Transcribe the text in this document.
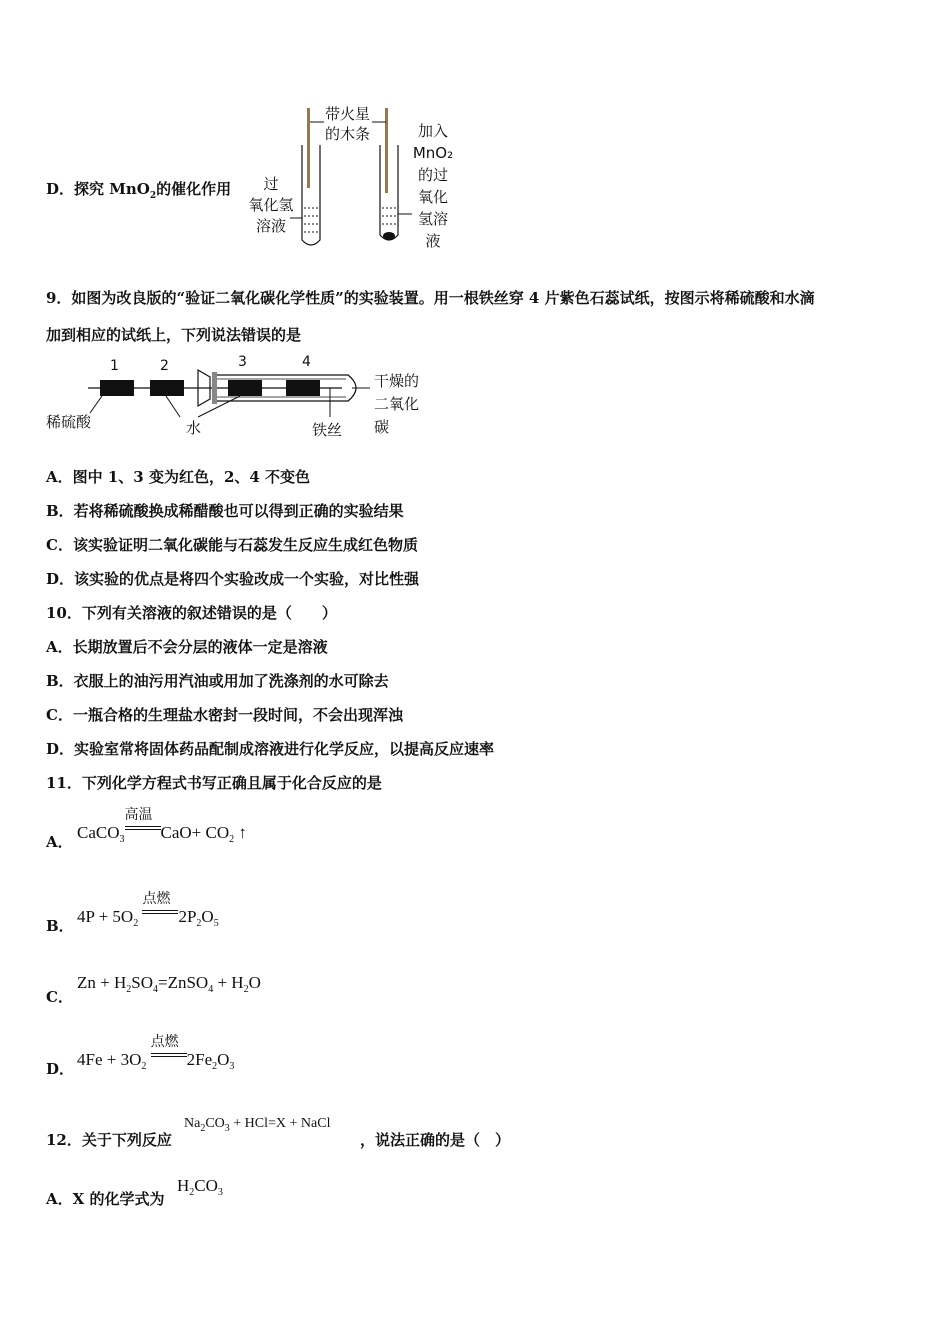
D．探究 MnO$_2$的催化作用
带火星
的木条
过
氧化氢
溶液
加入
MnO₂
的过
氧化
氢溶
液
9．如图为改良版的“验证二氧化碳化学性质”的实验装置。用一根铁丝穿 4 片紫色石蕊试纸，按图示将稀硫酸和水滴
加到相应的试纸上，下列说法错误的是
1	2	3	4
稀硫酸	水	铁丝
干燥的
二氧化
碳
A．图中 1、3 变为红色，2、4 不变色
B．若将稀硫酸换成稀醋酸也可以得到正确的实验结果
C．该实验证明二氧化碳能与石蕊发生反应生成红色物质
D．该实验的优点是将四个实验改成一个实验，对比性强
10．下列有关溶液的叙述错误的是（　　）
A．长期放置后不会分层的液体一定是溶液
B．衣服上的油污用汽油或用加了洗涤剂的水可除去
C．一瓶合格的生理盐水密封一段时间，不会出现浑浊
D．实验室常将固体药品配制成溶液进行化学反应，以提高反应速率
11．下列化学方程式书写正确且属于化合反应的是
A． CaCO$_3$
高温
$CaO+ CO_2$ ↑
B． $4P + 5O_2$
点燃
$2P_2O_5$
C．
$Zn + H_2SO_4=ZnSO_4 + H_2O$
D． $4Fe + 3O_2$
点燃
$2Fe_2O_3$
12．关于下列反应
$Na_2CO_3 + HCl=X$ + NaCl
，说法正确的是（　）
A．X 的化学式为
$H_2CO_3$
